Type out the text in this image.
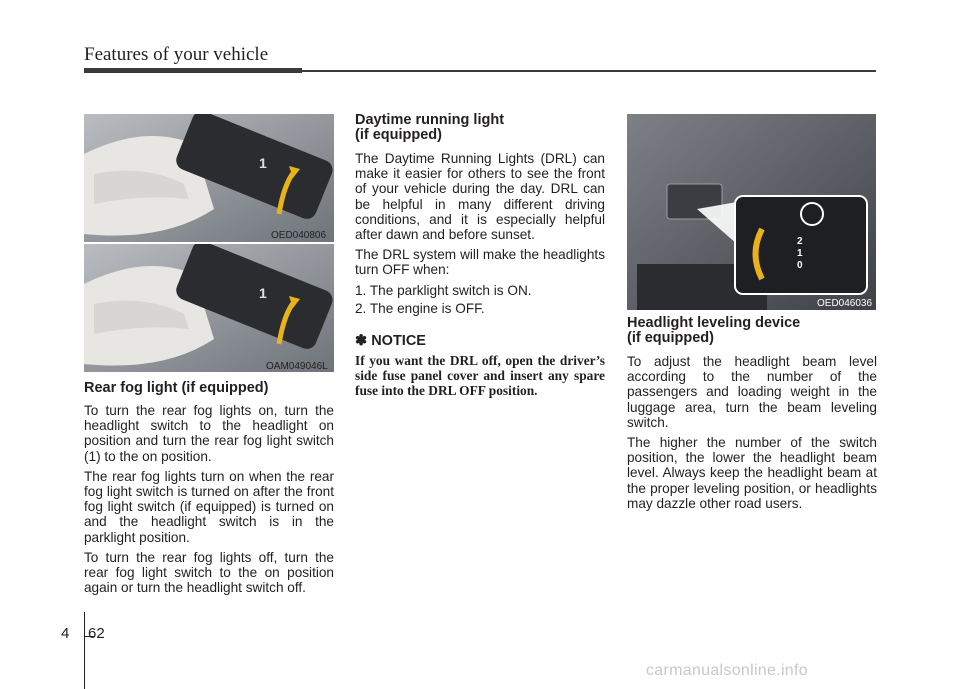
Features of your vehicle
1
OED040806
1
OAM049046L
Rear fog light (if equipped)

To turn the rear fog lights on, turn the headlight switch to the headlight on position and turn the rear fog light switch (1) to the on position.

The rear fog lights turn on when the rear fog light switch is turned on after the front fog light switch (if equipped) is turned on and the headlight switch is in the parklight position.

To turn the rear fog lights off, turn the rear fog light switch to the on position again or turn the headlight switch off.

Daytime running light
(if equipped)

The Daytime Running Lights (DRL) can make it easier for others to see the front of your vehicle during the day. DRL can be helpful in many different driving conditions, and it is especially helpful after dawn and before sunset.

The DRL system will make the headlights turn OFF when:

1. The parklight switch is ON.

2. The engine is OFF.

✽ NOTICE

If you want the DRL off, open the driver’s side fuse panel cover and insert any spare fuse into the DRL OFF position.

2
1
0
OED046036
Headlight leveling device
(if equipped)

To adjust the headlight beam level according to the number of the passengers and loading weight in the luggage area, turn the beam leveling switch.

The higher the number of the switch position, the lower the headlight beam level. Always keep the headlight beam at the proper leveling position, or headlights may dazzle other road users.

4 62
carmanualsonline.info
